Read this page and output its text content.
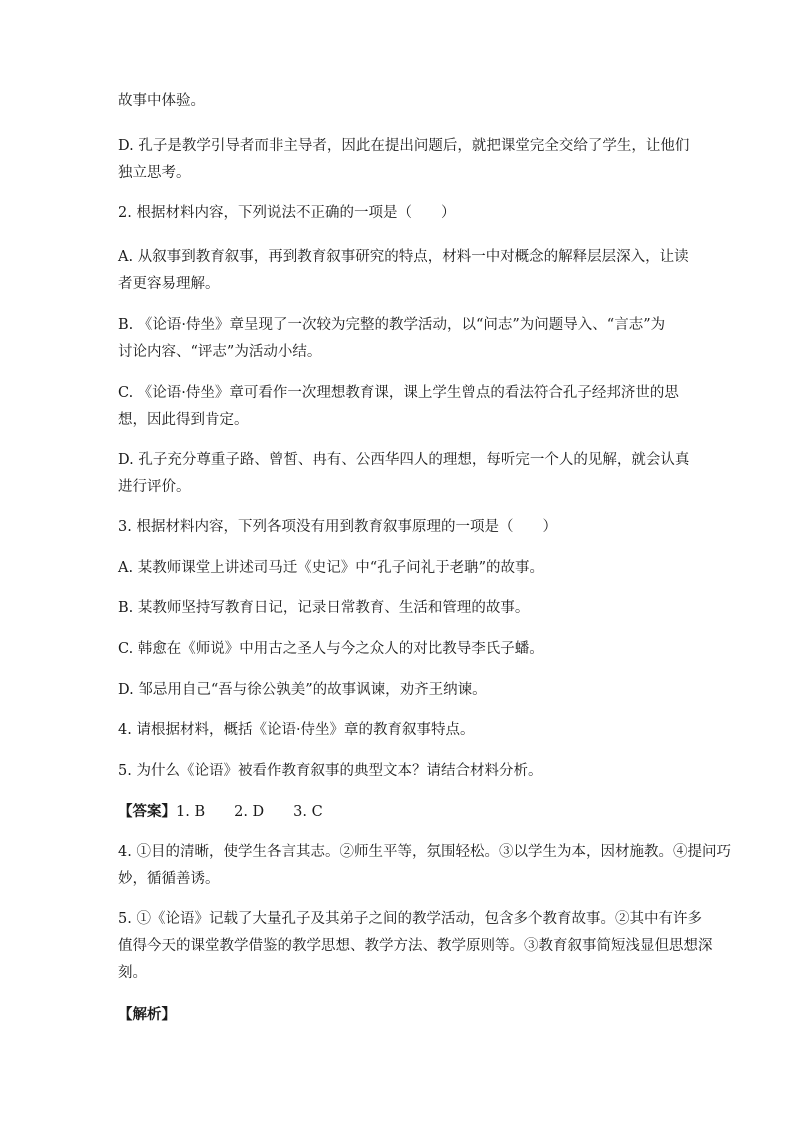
故事中体验。

D. 孔子是教学引导者而非主导者，因此在提出问题后，就把课堂完全交给了学生，让他们
独立思考。

2. 根据材料内容，下列说法不正确的一项是（　　）

A. 从叙事到教育叙事，再到教育叙事研究的特点，材料一中对概念的解释层层深入，让读
者更容易理解。

B. 《论语·侍坐》章呈现了一次较为完整的教学活动，以“问志”为问题导入、“言志”为
讨论内容、“评志”为活动小结。

C. 《论语·侍坐》章可看作一次理想教育课，课上学生曾点的看法符合孔子经邦济世的思
想，因此得到肯定。

D. 孔子充分尊重子路、曾皙、冉有、公西华四人的理想，每听完一个人的见解，就会认真
进行评价。

3. 根据材料内容，下列各项没有用到教育叙事原理的一项是（　　）

A. 某教师课堂上讲述司马迁《史记》中“孔子问礼于老聃”的故事。

B. 某教师坚持写教育日记，记录日常教育、生活和管理的故事。

C. 韩愈在《师说》中用古之圣人与今之众人的对比教导李氏子蟠。

D. 邹忌用自己“吾与徐公孰美”的故事讽谏，劝齐王纳谏。

4. 请根据材料，概括《论语·侍坐》章的教育叙事特点。

5. 为什么《论语》被看作教育叙事的典型文本？请结合材料分析。

【答案】1. B　　2. D　　3. C

4. ①目的清晰，使学生各言其志。②师生平等，氛围轻松。③以学生为本，因材施教。④提问巧
妙，循循善诱。

5. ①《论语》记载了大量孔子及其弟子之间的教学活动，包含多个教育故事。②其中有许多
值得今天的课堂教学借鉴的教学思想、教学方法、教学原则等。③教育叙事简短浅显但思想深
刻。

【解析】
